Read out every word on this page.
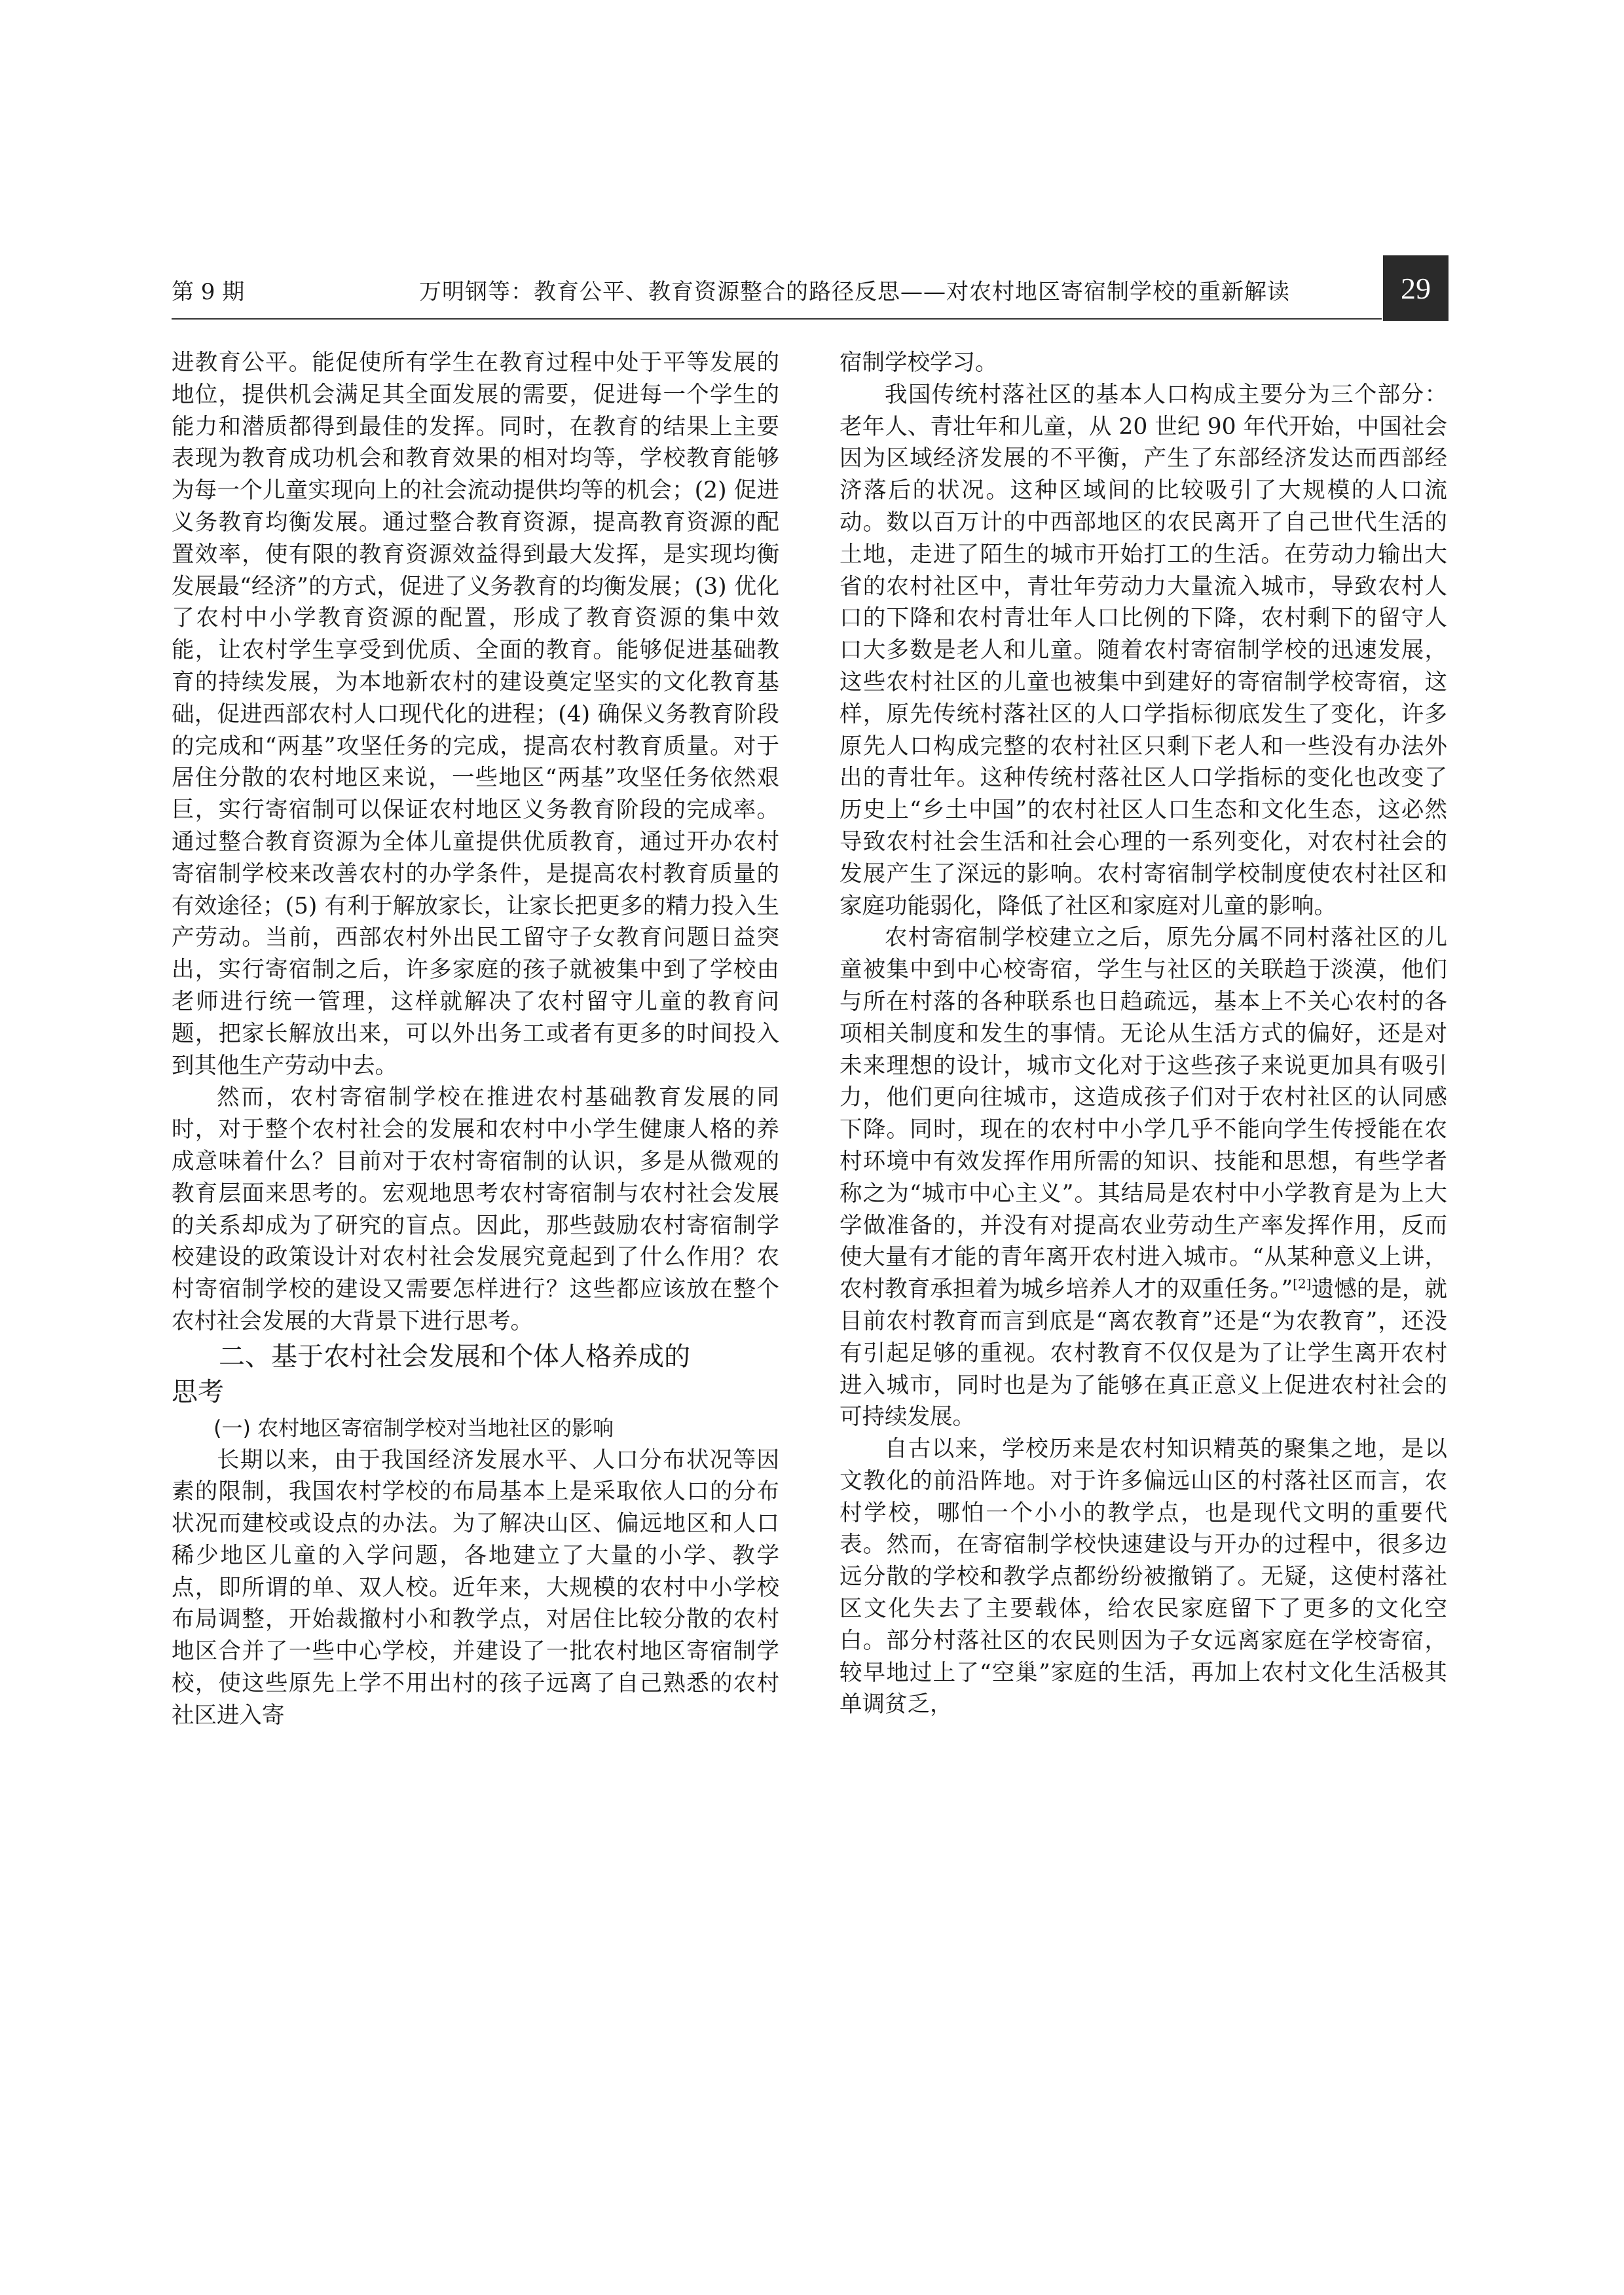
第 9 期	万明钢等：教育公平、教育资源整合的路径反思——对农村地区寄宿制学校的重新解读	29

进教育公平。能促使所有学生在教育过程中处于平等发展的地位，提供机会满足其全面发展的需要，促进每一个学生的能力和潜质都得到最佳的发挥。同时，在教育的结果上主要表现为教育成功机会和教育效果的相对均等，学校教育能够为每一个儿童实现向上的社会流动提供均等的机会；(2) 促进义务教育均衡发展。通过整合教育资源，提高教育资源的配置效率，使有限的教育资源效益得到最大发挥，是实现均衡发展最“经济”的方式，促进了义务教育的均衡发展；(3) 优化了农村中小学教育资源的配置，形成了教育资源的集中效能，让农村学生享受到优质、全面的教育。能够促进基础教育的持续发展，为本地新农村的建设奠定坚实的文化教育基础，促进西部农村人口现代化的进程；(4) 确保义务教育阶段的完成和“两基”攻坚任务的完成，提高农村教育质量。对于居住分散的农村地区来说，一些地区“两基”攻坚任务依然艰巨，实行寄宿制可以保证农村地区义务教育阶段的完成率。通过整合教育资源为全体儿童提供优质教育，通过开办农村寄宿制学校来改善农村的办学条件，是提高农村教育质量的有效途径；(5) 有利于解放家长，让家长把更多的精力投入生产劳动。当前，西部农村外出民工留守子女教育问题日益突出，实行寄宿制之后，许多家庭的孩子就被集中到了学校由老师进行统一管理，这样就解决了农村留守儿童的教育问题，把家长解放出来，可以外出务工或者有更多的时间投入到其他生产劳动中去。

然而，农村寄宿制学校在推进农村基础教育发展的同时，对于整个农村社会的发展和农村中小学生健康人格的养成意味着什么？目前对于农村寄宿制的认识，多是从微观的教育层面来思考的。宏观地思考农村寄宿制与农村社会发展的关系却成为了研究的盲点。因此，那些鼓励农村寄宿制学校建设的政策设计对农村社会发展究竟起到了什么作用？农村寄宿制学校的建设又需要怎样进行？这些都应该放在整个农村社会发展的大背景下进行思考。

二、基于农村社会发展和个体人格养成的
思考

(一) 农村地区寄宿制学校对当地社区的影响

长期以来，由于我国经济发展水平、人口分布状况等因素的限制，我国农村学校的布局基本上是采取依人口的分布状况而建校或设点的办法。为了解决山区、偏远地区和人口稀少地区儿童的入学问题，各地建立了大量的小学、教学点，即所谓的单、双人校。近年来，大规模的农村中小学校布局调整，开始裁撤村小和教学点，对居住比较分散的农村地区合并了一些中心学校，并建设了一批农村地区寄宿制学校，使这些原先上学不用出村的孩子远离了自己熟悉的农村社区进入寄

宿制学校学习。

我国传统村落社区的基本人口构成主要分为三个部分：老年人、青壮年和儿童，从 20 世纪 90 年代开始，中国社会因为区域经济发展的不平衡，产生了东部经济发达而西部经济落后的状况。这种区域间的比较吸引了大规模的人口流动。数以百万计的中西部地区的农民离开了自己世代生活的土地，走进了陌生的城市开始打工的生活。在劳动力输出大省的农村社区中，青壮年劳动力大量流入城市，导致农村人口的下降和农村青壮年人口比例的下降，农村剩下的留守人口大多数是老人和儿童。随着农村寄宿制学校的迅速发展，这些农村社区的儿童也被集中到建好的寄宿制学校寄宿，这样，原先传统村落社区的人口学指标彻底发生了变化，许多原先人口构成完整的农村社区只剩下老人和一些没有办法外出的青壮年。这种传统村落社区人口学指标的变化也改变了历史上“乡土中国”的农村社区人口生态和文化生态，这必然导致农村社会生活和社会心理的一系列变化，对农村社会的发展产生了深远的影响。农村寄宿制学校制度使农村社区和家庭功能弱化，降低了社区和家庭对儿童的影响。

农村寄宿制学校建立之后，原先分属不同村落社区的儿童被集中到中心校寄宿，学生与社区的关联趋于淡漠，他们与所在村落的各种联系也日趋疏远，基本上不关心农村的各项相关制度和发生的事情。无论从生活方式的偏好，还是对未来理想的设计，城市文化对于这些孩子来说更加具有吸引力，他们更向往城市，这造成孩子们对于农村社区的认同感下降。同时，现在的农村中小学几乎不能向学生传授能在农村环境中有效发挥作用所需的知识、技能和思想，有些学者称之为“城市中心主义”。其结局是农村中小学教育是为上大学做准备的，并没有对提高农业劳动生产率发挥作用，反而使大量有才能的青年离开农村进入城市。“从某种意义上讲，农村教育承担着为城乡培养人才的双重任务。”[2]遗憾的是，就目前农村教育而言到底是“离农教育”还是“为农教育”，还没有引起足够的重视。农村教育不仅仅是为了让学生离开农村进入城市，同时也是为了能够在真正意义上促进农村社会的可持续发展。

自古以来，学校历来是农村知识精英的聚集之地，是以文教化的前沿阵地。对于许多偏远山区的村落社区而言，农村学校，哪怕一个小小的教学点，也是现代文明的重要代表。然而，在寄宿制学校快速建设与开办的过程中，很多边远分散的学校和教学点都纷纷被撤销了。无疑，这使村落社区文化失去了主要载体，给农民家庭留下了更多的文化空白。部分村落社区的农民则因为子女远离家庭在学校寄宿，较早地过上了“空巢”家庭的生活，再加上农村文化生活极其单调贫乏，
